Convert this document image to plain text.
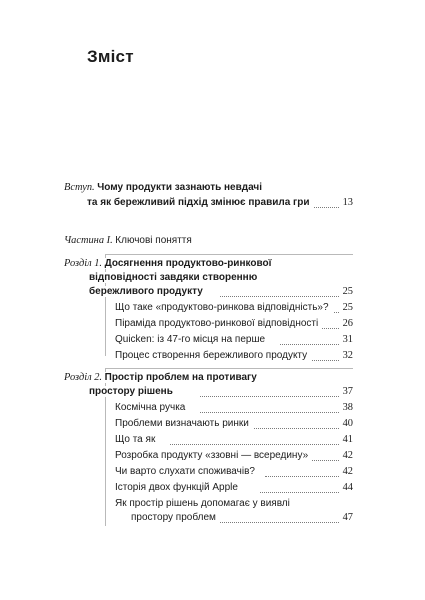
Зміст
Вступ. Чому продукти зазнають невдачі
та як бережливий підхід змінює правила гри	13
Частина I. Ключові поняття
Розділ 1. Досягнення продуктово-ринкової
відповідності завдяки створенню
бережливого продукту	25
Що таке «продуктово-ринкова відповідність»?	25
Піраміда продуктово-ринкової відповідності	26
Quicken: із 47-го місця на перше	31
Процес створення бережливого продукту	32
Розділ 2. Простір проблем на противагу
простору рішень	37
Космічна ручка	38
Проблеми визначають ринки	40
Що та як	41
Розробка продукту «ззовні — всередину»	42
Чи варто слухати споживачів?	42
Історія двох функцій Apple	44
Як простір рішень допомагає у виявлі
простору проблем	47
